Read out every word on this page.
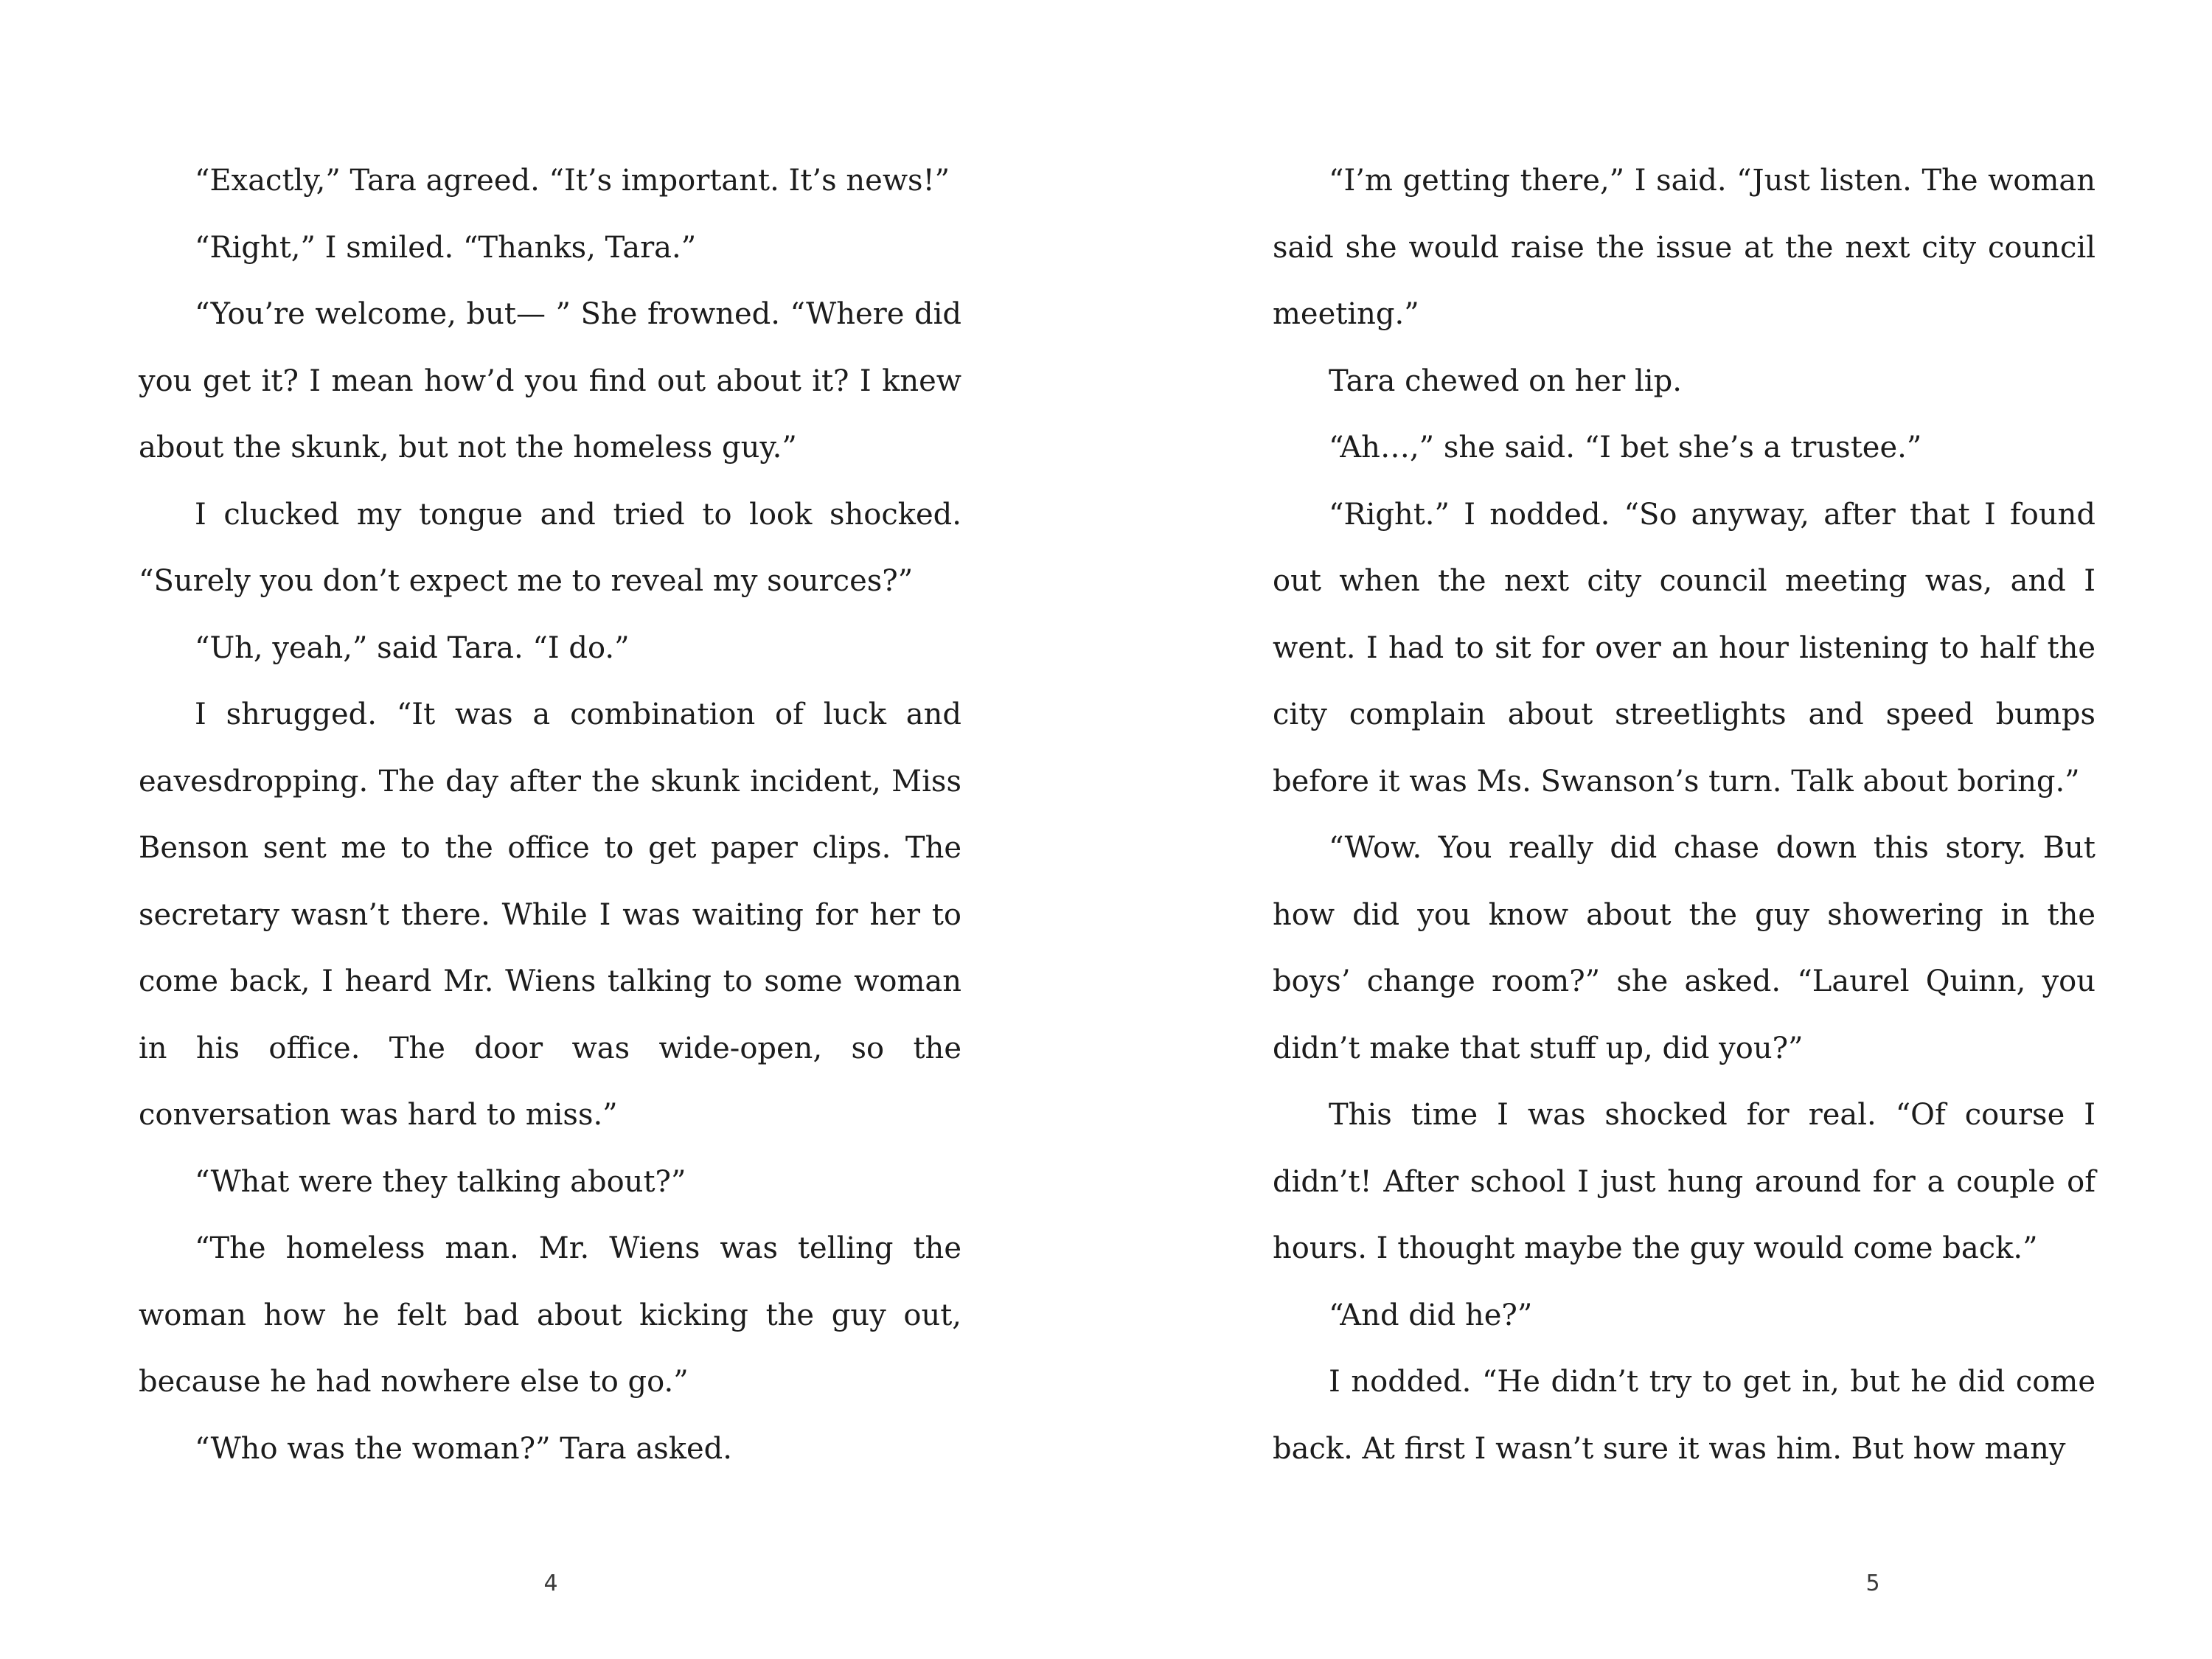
“Exactly,” Tara agreed. “It’s important. It’s news!”

“Right,” I smiled. “Thanks, Tara.”

“You’re welcome, but— ” She frowned. “Where did you get it? I mean how’d you find out about it? I knew about the skunk, but not the homeless guy.”

I clucked my tongue and tried to look shocked. “Surely you don’t expect me to reveal my sources?”

“Uh, yeah,” said Tara. “I do.”

I shrugged. “It was a combination of luck and eavesdropping. The day after the skunk incident, Miss Benson sent me to the office to get paper clips. The secretary wasn’t there. While I was waiting for her to come back, I heard Mr. Wiens talking to some woman in his office. The door was wide-open, so the conversation was hard to miss.”

“What were they talking about?”

“The homeless man. Mr. Wiens was telling the woman how he felt bad about kicking the guy out, because he had nowhere else to go.”

“Who was the woman?” Tara asked.

4

“I’m getting there,” I said. “Just listen. The woman said she would raise the issue at the next city council meeting.”

Tara chewed on her lip.

“Ah…,” she said. “I bet she’s a trustee.”

“Right.” I nodded. “So anyway, after that I found out when the next city council meeting was, and I went. I had to sit for over an hour listening to half the city complain about streetlights and speed bumps before it was Ms. Swanson’s turn. Talk about boring.”

“Wow. You really did chase down this story. But how did you know about the guy showering in the boys’ change room?” she asked. “Laurel Quinn, you didn’t make that stuff up, did you?”

This time I was shocked for real. “Of course I didn’t! After school I just hung around for a couple of hours. I thought maybe the guy would come back.”

“And did he?”

I nodded. “He didn’t try to get in, but he did come back. At first I wasn’t sure it was him. But how many

5
